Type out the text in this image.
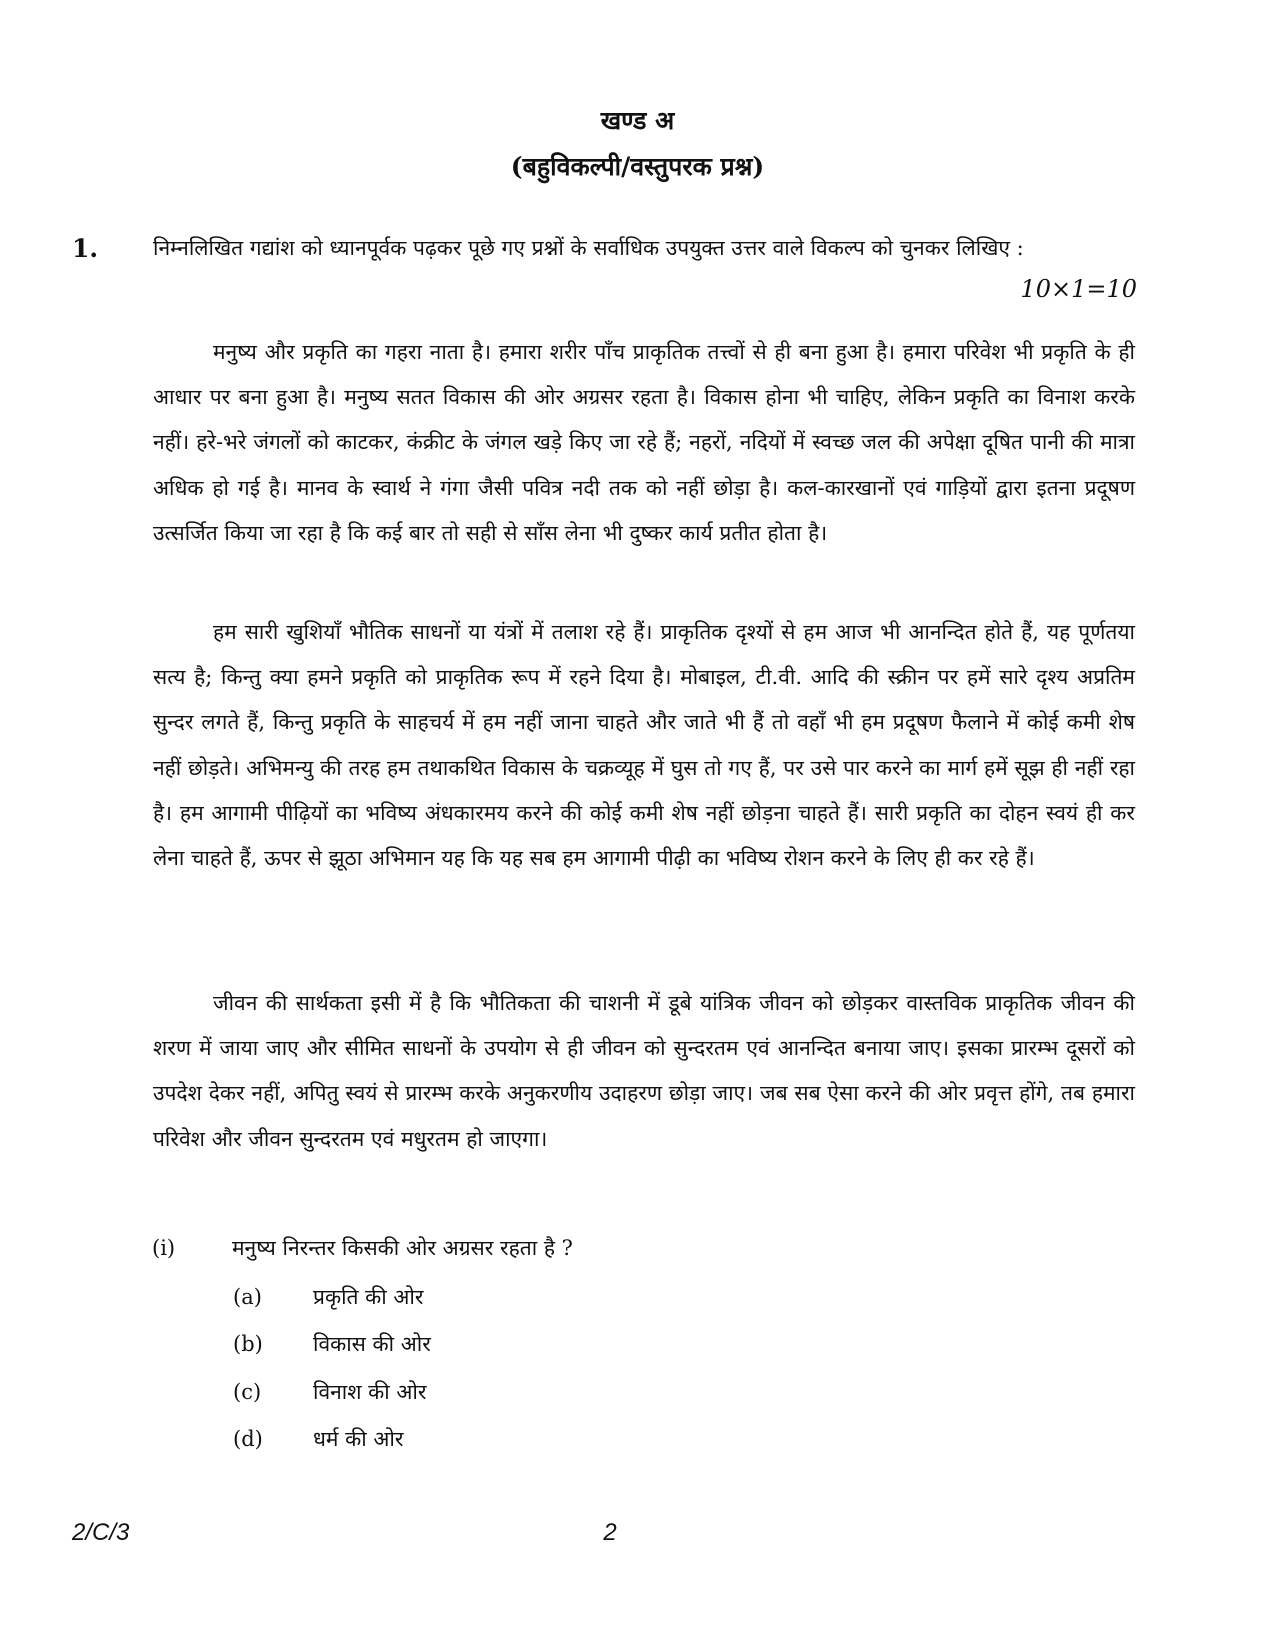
खण्ड अ
(बहुविकल्पी/वस्तुपरक प्रश्न)
1.	निम्नलिखित गद्यांश को ध्यानपूर्वक पढ़कर पूछे गए प्रश्नों के सर्वाधिक उपयुक्त उत्तर वाले विकल्प को चुनकर लिखिए :
10×1=10

मनुष्य और प्रकृति का गहरा नाता है। हमारा शरीर पाँच प्राकृतिक तत्त्वों से ही बना हुआ है। हमारा परिवेश भी प्रकृति के ही आधार पर बना हुआ है। मनुष्य सतत विकास की ओर अग्रसर रहता है। विकास होना भी चाहिए, लेकिन प्रकृति का विनाश करके नहीं। हरे-भरे जंगलों को काटकर, कंक्रीट के जंगल खड़े किए जा रहे हैं; नहरों, नदियों में स्वच्छ जल की अपेक्षा दूषित पानी की मात्रा अधिक हो गई है। मानव के स्वार्थ ने गंगा जैसी पवित्र नदी तक को नहीं छोड़ा है। कल-कारखानों एवं गाड़ियों द्वारा इतना प्रदूषण उत्सर्जित किया जा रहा है कि कई बार तो सही से साँस लेना भी दुष्कर कार्य प्रतीत होता है।

हम सारी खुशियाँ भौतिक साधनों या यंत्रों में तलाश रहे हैं। प्राकृतिक दृश्यों से हम आज भी आनन्दित होते हैं, यह पूर्णतया सत्य है; किन्तु क्या हमने प्रकृति को प्राकृतिक रूप में रहने दिया है। मोबाइल, टी.वी. आदि की स्क्रीन पर हमें सारे दृश्य अप्रतिम सुन्दर लगते हैं, किन्तु प्रकृति के साहचर्य में हम नहीं जाना चाहते और जाते भी हैं तो वहाँ भी हम प्रदूषण फैलाने में कोई कमी शेष नहीं छोड़ते। अभिमन्यु की तरह हम तथाकथित विकास के चक्रव्यूह में घुस तो गए हैं, पर उसे पार करने का मार्ग हमें सूझ ही नहीं रहा है। हम आगामी पीढ़ियों का भविष्य अंधकारमय करने की कोई कमी शेष नहीं छोड़ना चाहते हैं। सारी प्रकृति का दोहन स्वयं ही कर लेना चाहते हैं, ऊपर से झूठा अभिमान यह कि यह सब हम आगामी पीढ़ी का भविष्य रोशन करने के लिए ही कर रहे हैं।

जीवन की सार्थकता इसी में है कि भौतिकता की चाशनी में डूबे यांत्रिक जीवन को छोड़कर वास्तविक प्राकृतिक जीवन की शरण में जाया जाए और सीमित साधनों के उपयोग से ही जीवन को सुन्दरतम एवं आनन्दित बनाया जाए। इसका प्रारम्भ दूसरों को उपदेश देकर नहीं, अपितु स्वयं से प्रारम्भ करके अनुकरणीय उदाहरण छोड़ा जाए। जब सब ऐसा करने की ओर प्रवृत्त होंगे, तब हमारा परिवेश और जीवन सुन्दरतम एवं मधुरतम हो जाएगा।

(i)	मनुष्य निरन्तर किसकी ओर अग्रसर रहता है ?
(a) प्रकृति की ओर
(b) विकास की ओर
(c) विनाश की ओर
(d) धर्म की ओर
2/C/3	2
